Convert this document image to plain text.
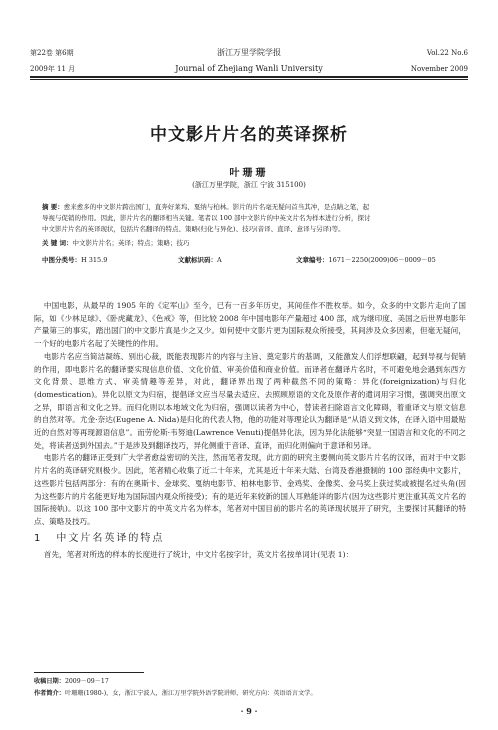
第22卷 第6期
2009年 11 月
浙江万里学院学报
Journal of Zhejiang Wanli University
Vol.22 No.6
November 2009
中文影片片名的英译探析
叶珊珊
(浙江万里学院，浙江 宁波 315100)
摘 要：愈来愈多的中文影片跨出国门，直奔好莱坞、戛纳与柏林。影片的片名毫无疑问首当其冲，是点睛之笔，起
导视与促销的作用。因此，影片片名的翻译相当关键。笔者以 100 部中文影片的中英文片名为样本进行分析，探讨
中文影片片名的英译现状，包括片名翻译的特点、策略(归化与异化)、技巧(音译、直译、意译与另译)等。
关 键 词：中文影片片名；英译；特点；策略；技巧
中图分类号：H 315.9	文献标识码：A	文章编号：1671－2250(2009)06－0009－05

中国电影，从最早的 1905 年的《定军山》至今，已有一百多年历史，其间佳作不胜枚举。如今，众多的中文影片走向了国际，如《少林足球》、《卧虎藏龙》、《色戒》等，但比较 2008 年中国电影年产量超过 400 部，成为继印度、美国之后世界电影年产量第三的事实，踏出国门的中文影片真是少之又少。如何使中文影片更为国际观众所接受，其间涉及众多因素，但毫无疑问，一个好的电影片名起了关键性的作用。

电影片名应当简洁凝练、别出心裁，既能表现影片的内容与主旨、奠定影片的基调，又能激发人们浮想联翩，起到导视与促销的作用，即电影片名的翻译要实现信息价值、文化价值、审美价值和商业价值。而译者在翻译片名时，不可避免地会遇到东西方文化背景、思维方式、审美情趣等差异，对此，翻译界出现了两种截然不同的策略：异化(foreignization)与归化(domestication)。异化以原文为归宿，提倡译文应当尽量去适应、去照顾原语的文化及原作者的遣词用字习惯，强调突出原文之异，即语言和文化之异。而归化则以本地域文化为归宿，强调以读者为中心，替读者扫除语言文化障碍，着重译文与原文信息的自然对等。尤金·奈达(Eugene A. Nida)是归化的代表人物，他的功能对等理论认为翻译是“从语义到文体，在译入语中用最贴近的自然对等再现源语信息”。而劳伦斯·韦努迪(Lawrence Venuti)提倡异化法，因为异化法能够“突显一国语言和文化的不同之处，将读者送到外国去。”于是涉及到翻译技巧，异化侧重于音译、直译，而归化则偏向于意译和另译。

电影片名的翻译正受到广大学者愈益密切的关注，然而笔者发现，此方面的研究主要侧向英文影片片名的汉译，而对于中文影片片名的英译研究则极少。因此，笔者精心收集了近二十年来，尤其是近十年来大陆、台湾及香港摄制的 100 部经典中文影片，这些影片包括两部分：有的在奥斯卡、金球奖、戛纳电影节、柏林电影节、金鸡奖、金像奖、金马奖上获过奖或被提名过头角(因为这些影片的片名能更好地为国际国内观众所接受)；有的是近年来较新的国人耳熟能详的影片(因为这些影片更注重其英文片名的国际接轨)。以这 100 部中文影片的中英文片名为样本，笔者对中国目前的影片名的英译现状展开了研究，主要探讨其翻译的特点、策略及技巧。

1 中文片名英译的特点

首先，笔者对所选的样本的长度进行了统计，中文片名按字计，英文片名按单词计(见表 1)：

收稿日期：2009－09－17
作者简介：叶珊珊(1980-)，女，浙江宁波人，浙江万里学院外语学院讲师，研究方向：英语语言文学。
· 9 ·
